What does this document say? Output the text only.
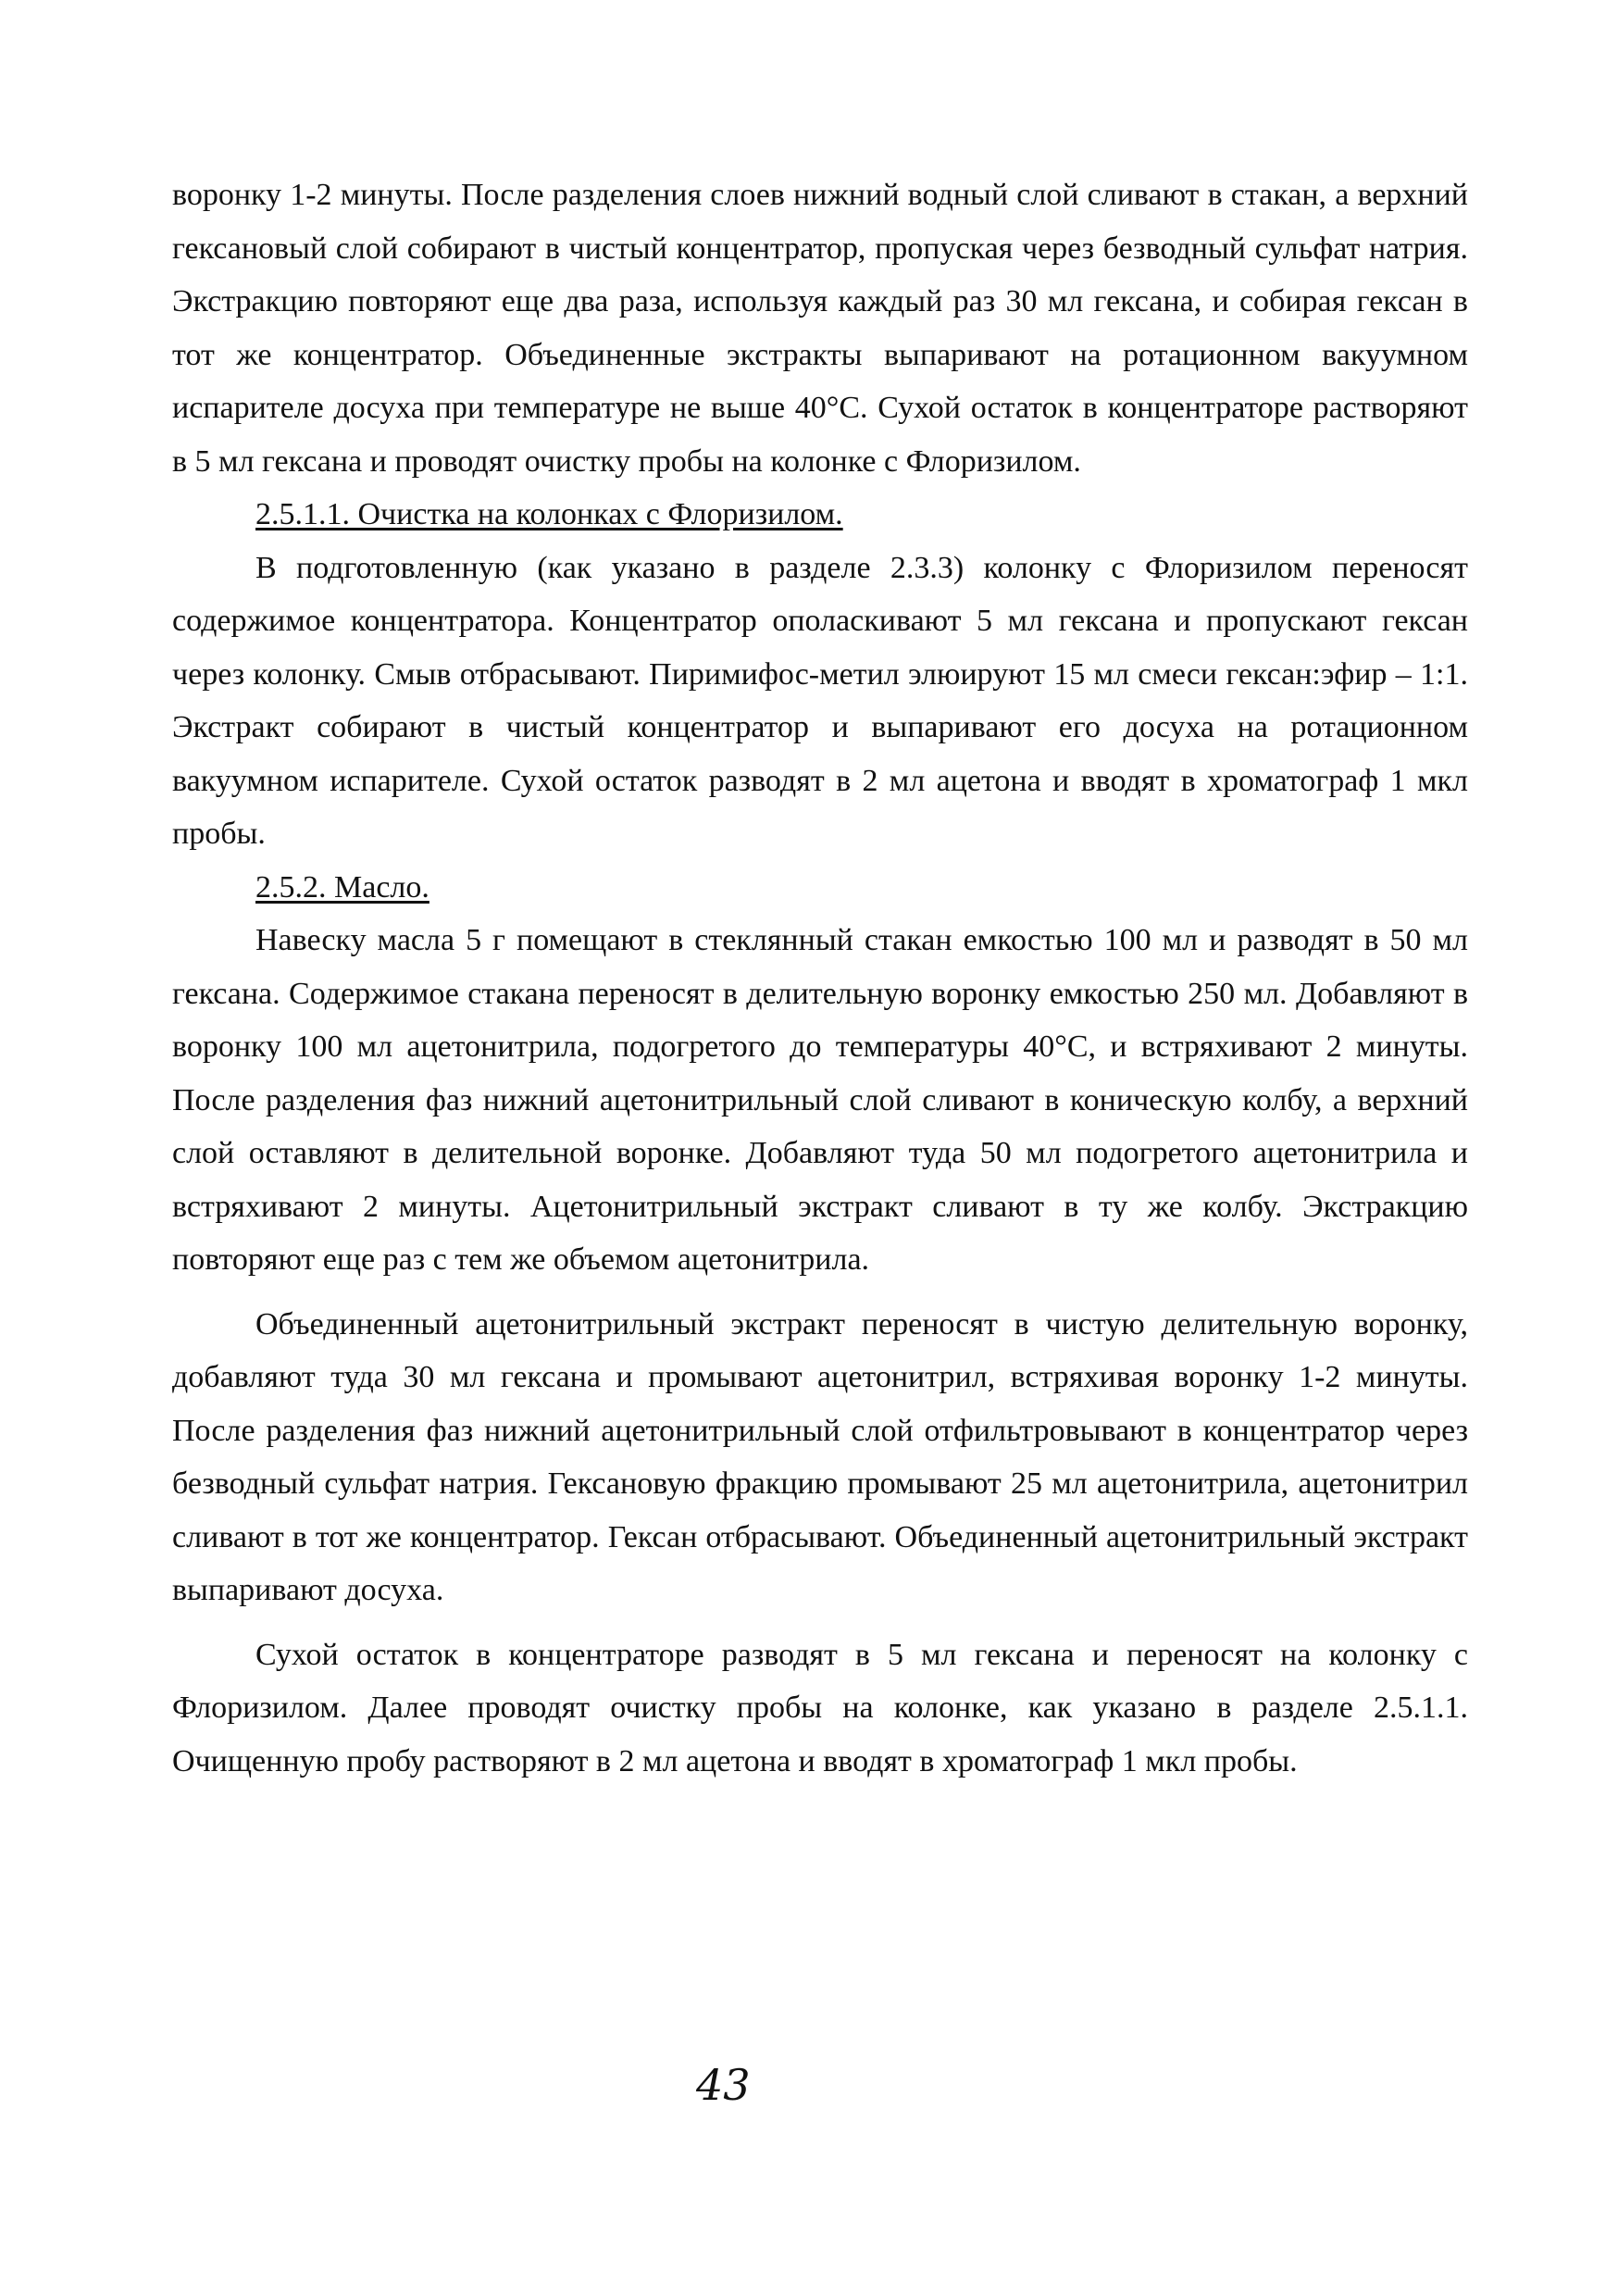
воронку 1-2 минуты. После разделения слоев нижний водный слой сливают в стакан, а верхний гексановый слой собирают в чистый концентратор, пропуская через безводный сульфат натрия. Экстракцию повторяют еще два раза, используя каждый раз 30 мл гексана, и собирая гексан в тот же концентратор. Объединенные экстракты выпаривают на ротационном вакуумном испарителе досуха при температуре не выше 40°С. Сухой остаток в концентраторе растворяют в 5 мл гексана и проводят очистку пробы на колонке с Флоризилом.

2.5.1.1. Очистка на колонках с Флоризилом.

В подготовленную (как указано в разделе 2.3.3) колонку с Флоризилом переносят содержимое концентратора. Концентратор ополаскивают 5 мл гексана и пропускают гексан через колонку. Смыв отбрасывают. Пиримифос-метил элюируют 15 мл смеси гексан:эфир – 1:1. Экстракт собирают в чистый концентратор и выпаривают его досуха на ротационном вакуумном испарителе. Сухой остаток разводят в 2 мл ацетона и вводят в хроматограф 1 мкл пробы.

2.5.2. Масло.

Навеску масла 5 г помещают в стеклянный стакан емкостью 100 мл и разводят в 50 мл гексана. Содержимое стакана переносят в делительную воронку емкостью 250 мл. Добавляют в воронку 100 мл ацетонитрила, подогретого до температуры 40°С, и встряхивают 2 минуты. После разделения фаз нижний ацетонитрильный слой сливают в коническую колбу, а верхний слой оставляют в делительной воронке. Добавляют туда 50 мл подогретого ацетонитрила и встряхивают 2 минуты. Ацетонитрильный экстракт сливают в ту же колбу. Экстракцию повторяют еще раз с тем же объемом ацетонитрила.

Объединенный ацетонитрильный экстракт переносят в чистую делительную воронку, добавляют туда 30 мл гексана и промывают ацетонитрил, встряхивая воронку 1-2 минуты. После разделения фаз нижний ацетонитрильный слой отфильтровывают в концентратор через безводный сульфат натрия. Гексановую фракцию промывают 25 мл ацетонитрила, ацетонитрил сливают в тот же концентратор. Гексан отбрасывают. Объединенный ацетонитрильный экстракт выпаривают досуха.

Сухой остаток в концентраторе разводят в 5 мл гексана и переносят на колонку с Флоризилом. Далее проводят очистку пробы на колонке, как указано в разделе 2.5.1.1. Очищенную пробу растворяют в 2 мл ацетона и вводят в хроматограф 1 мкл пробы.

43
